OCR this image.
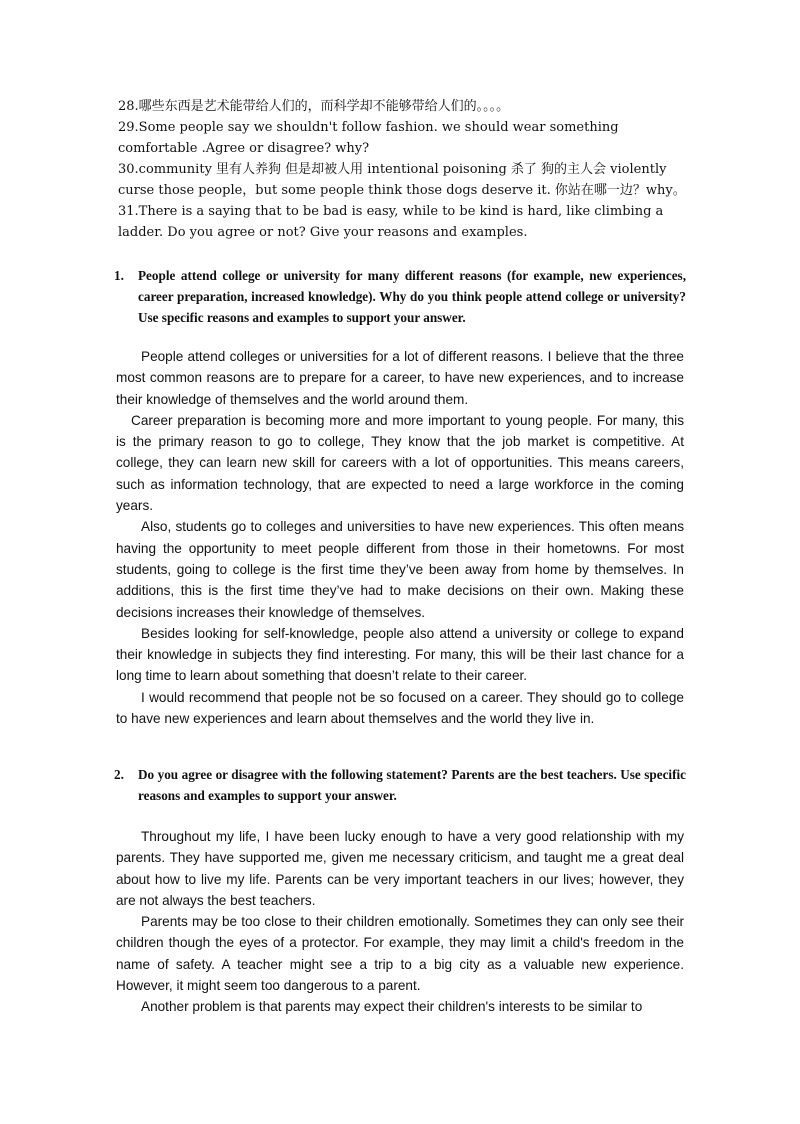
28.哪些东西是艺术能带给人们的，而科学却不能够带给人们的。。。。

29.Some people say we shouldn't follow fashion. we should wear something comfortable .Agree or disagree? why?

30.community 里有人养狗 但是却被人用 intentional poisoning 杀了 狗的主人会 violently curse those people，but some people think those dogs deserve it. 你站在哪一边？why。

31.There is a saying that to be bad is easy, while to be kind is hard, like climbing a ladder. Do you agree or not? Give your reasons and examples.

1.	People attend college or university for many different reasons (for example, new experiences, career preparation, increased knowledge). Why do you think people attend college or university? Use specific reasons and examples to support your answer.

People attend colleges or universities for a lot of different reasons. I believe that the three most common reasons are to prepare for a career, to have new experiences, and to increase their knowledge of themselves and the world around them.

Career preparation is becoming more and more important to young people. For many, this is the primary reason to go to college, They know that the job market is competitive. At college, they can learn new skill for careers with a lot of opportunities. This means careers, such as information technology, that are expected to need a large workforce in the coming years.

Also, students go to colleges and universities to have new experiences. This often means having the opportunity to meet people different from those in their hometowns. For most students, going to college is the first time they’ve been away from home by themselves. In additions, this is the first time they’ve had to make decisions on their own. Making these decisions increases their knowledge of themselves.

Besides looking for self-knowledge, people also attend a university or college to expand their knowledge in subjects they find interesting. For many, this will be their last chance for a long time to learn about something that doesn’t relate to their career.

I would recommend that people not be so focused on a career. They should go to college to have new experiences and learn about themselves and the world they live in.

2.	Do you agree or disagree with the following statement? Parents are the best teachers. Use specific reasons and examples to support your answer.

Throughout my life, I have been lucky enough to have a very good relationship with my parents. They have supported me, given me necessary criticism, and taught me a great deal about how to live my life. Parents can be very important teachers in our lives; however, they are not always the best teachers.

Parents may be too close to their children emotionally. Sometimes they can only see their children though the eyes of a protector. For example, they may limit a child's freedom in the name of safety. A teacher might see a trip to a big city as a valuable new experience. However, it might seem too dangerous to a parent.

Another problem is that parents may expect their children's interests to be similar to
